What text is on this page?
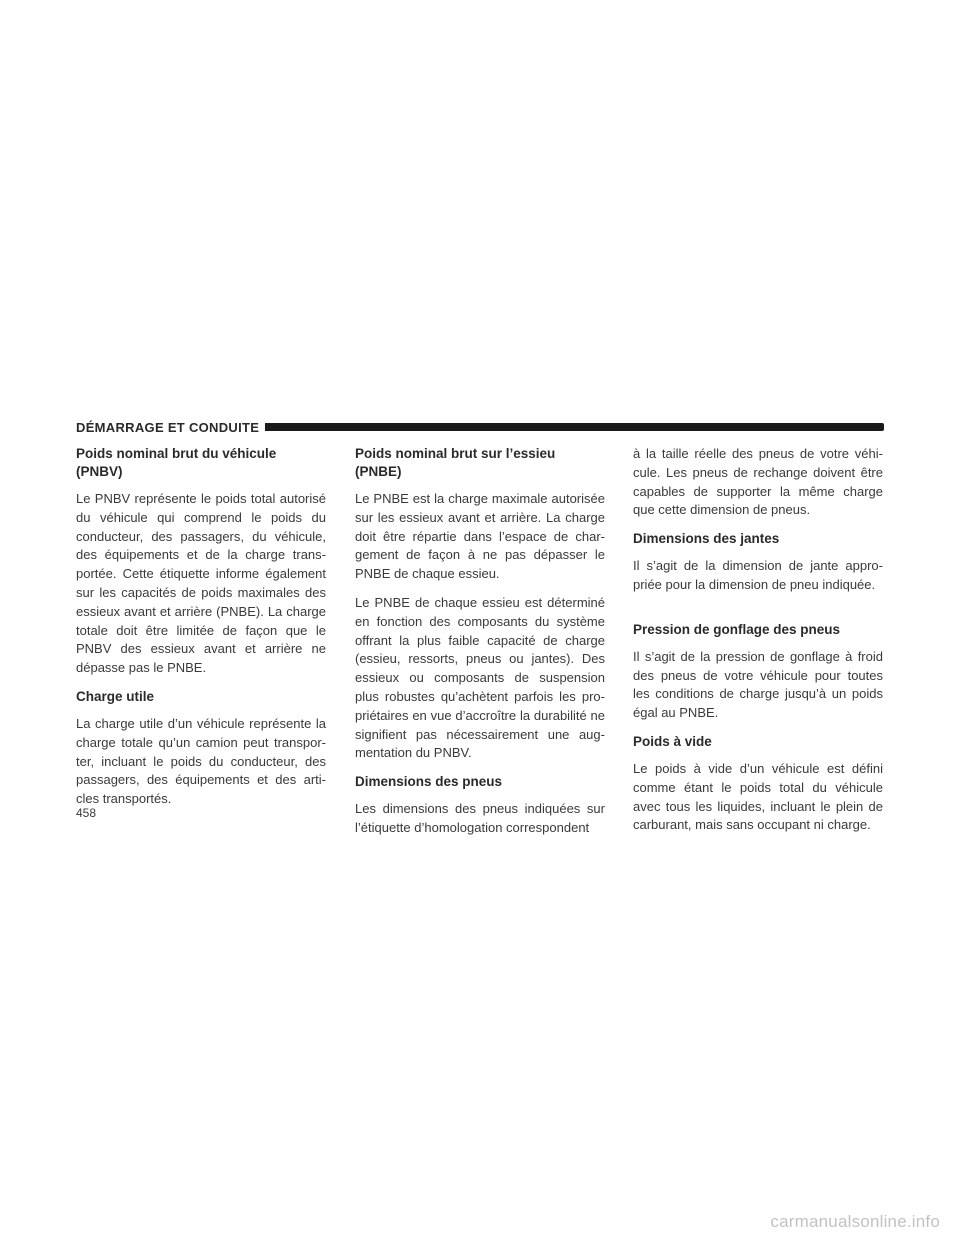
DÉMARRAGE ET CONDUITE
Poids nominal brut du véhicule
(PNBV)

Le PNBV représente le poids total autorisé du véhicule qui comprend le poids du conducteur, des passagers, du véhicule, des équipements et de la charge transportée. Cette étiquette informe également sur les capacités de poids maximales des essieux avant et arrière (PNBE). La charge totale doit être limitée de façon que le PNBV des essieux avant et arrière ne dépasse pas le PNBE.

Charge utile

La charge utile d’un véhicule représente la charge totale qu’un camion peut transporter, incluant le poids du conducteur, des passagers, des équipements et des articles transportés.

Poids nominal brut sur l’essieu
(PNBE)

Le PNBE est la charge maximale autorisée sur les essieux avant et arrière. La charge doit être répartie dans l’espace de chargement de façon à ne pas dépasser le PNBE de chaque essieu.

Le PNBE de chaque essieu est déterminé en fonction des composants du système offrant la plus faible capacité de charge (essieu, ressorts, pneus ou jantes). Des essieux ou composants de suspension plus robustes qu’achètent parfois les propriétaires en vue d’accroître la durabilité ne signifient pas nécessairement une augmentation du PNBV.

Dimensions des pneus

Les dimensions des pneus indiquées sur l’étiquette d’homologation correspondent

à la taille réelle des pneus de votre véhicule. Les pneus de rechange doivent être capables de supporter la même charge que cette dimension de pneus.

Dimensions des jantes

Il s’agit de la dimension de jante appropriée pour la dimension de pneu indiquée.

Pression de gonflage des pneus

Il s’agit de la pression de gonflage à froid des pneus de votre véhicule pour toutes les conditions de charge jusqu’à un poids égal au PNBE.

Poids à vide

Le poids à vide d’un véhicule est défini comme étant le poids total du véhicule avec tous les liquides, incluant le plein de carburant, mais sans occupant ni charge.

458
carmanualsonline.info
